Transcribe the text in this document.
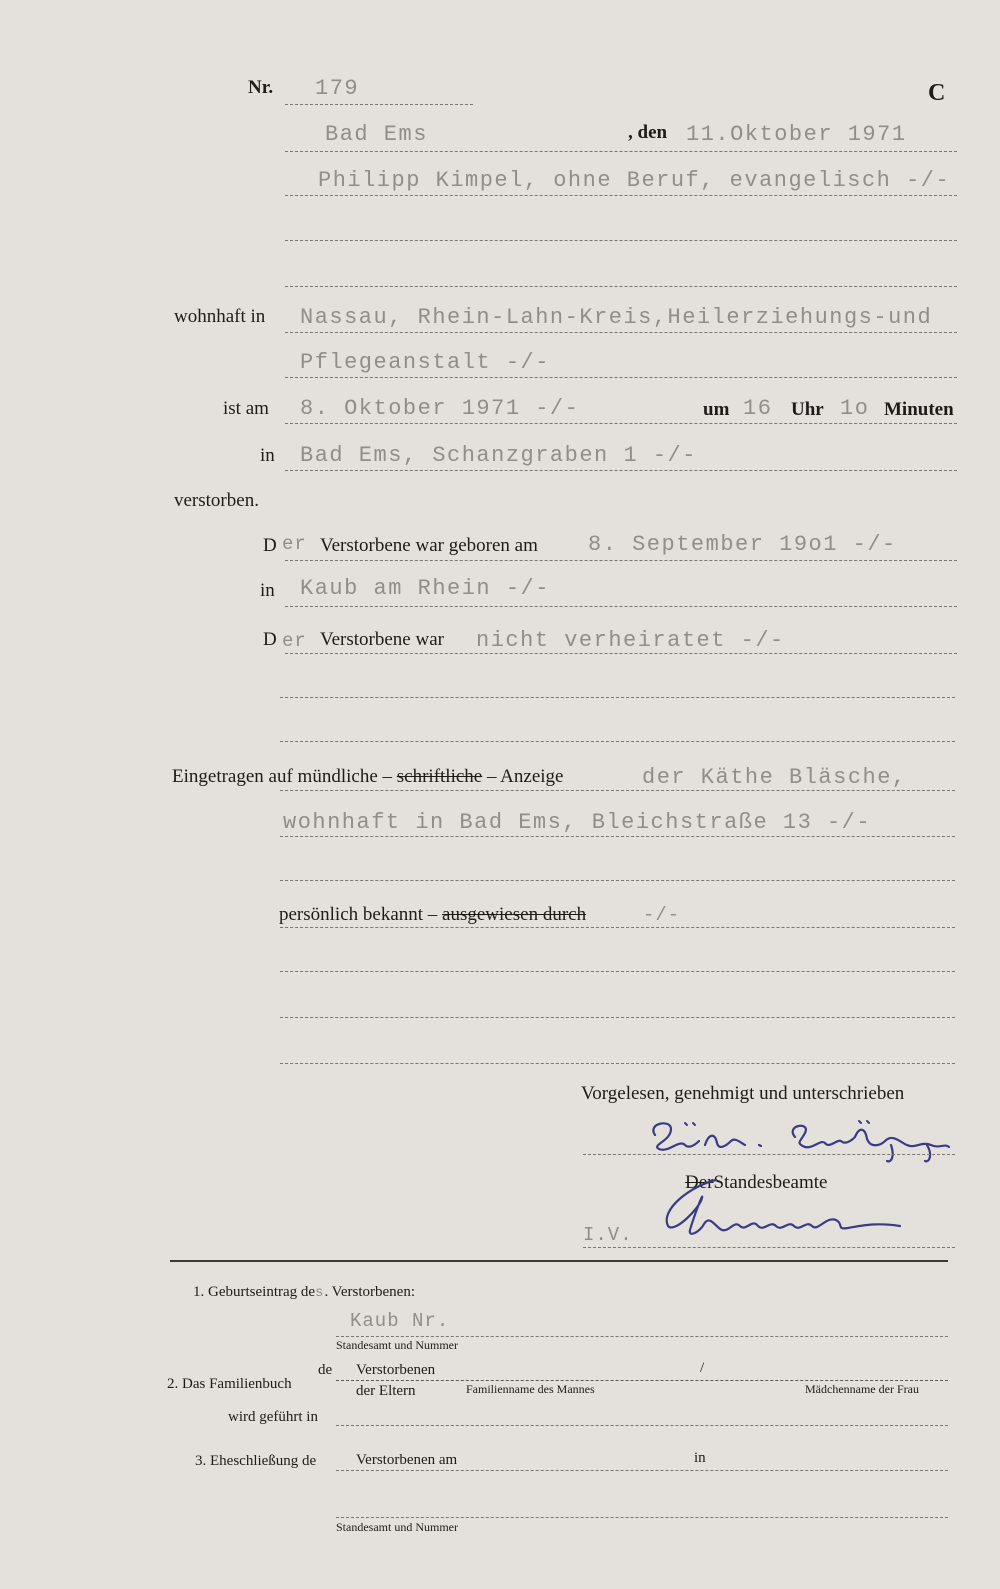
Nr. 179	C
Bad Ems	, den 11.Oktober 1971
Philipp Kimpel, ohne Beruf, evangelisch -/-
wohnhaft in Nassau, Rhein-Lahn-Kreis,Heilerziehungs-und
Pflegeanstalt -/-
ist am 8. Oktober 1971 -/-	um 16 Uhr 1o Minuten
in Bad Ems, Schanzgraben 1 -/-
verstorben.
D er Verstorbene war geboren am 8. September 19o1 -/-
in Kaub am Rhein -/-
D er Verstorbene war nicht verheiratet -/-
Eingetragen auf mündliche – schriftliche – Anzeige	der Käthe Bläsche,
wohnhaft in Bad Ems, Bleichstraße 13 -/-
persönlich bekannt – ausgewiesen durch	-/-
Vorgelesen, genehmigt und unterschrieben
DerStandesbeamte
I.V.
1. Geburtseintrag des. Verstorbenen:
Kaub Nr.
Standesamt und Nummer
2. Das Familienbuch
de Verstorbenen	/
der Eltern	Familienname des Mannes	Mädchenname der Frau
wird geführt in
3. Eheschließung de	Verstorbenen am	in
Standesamt und Nummer
